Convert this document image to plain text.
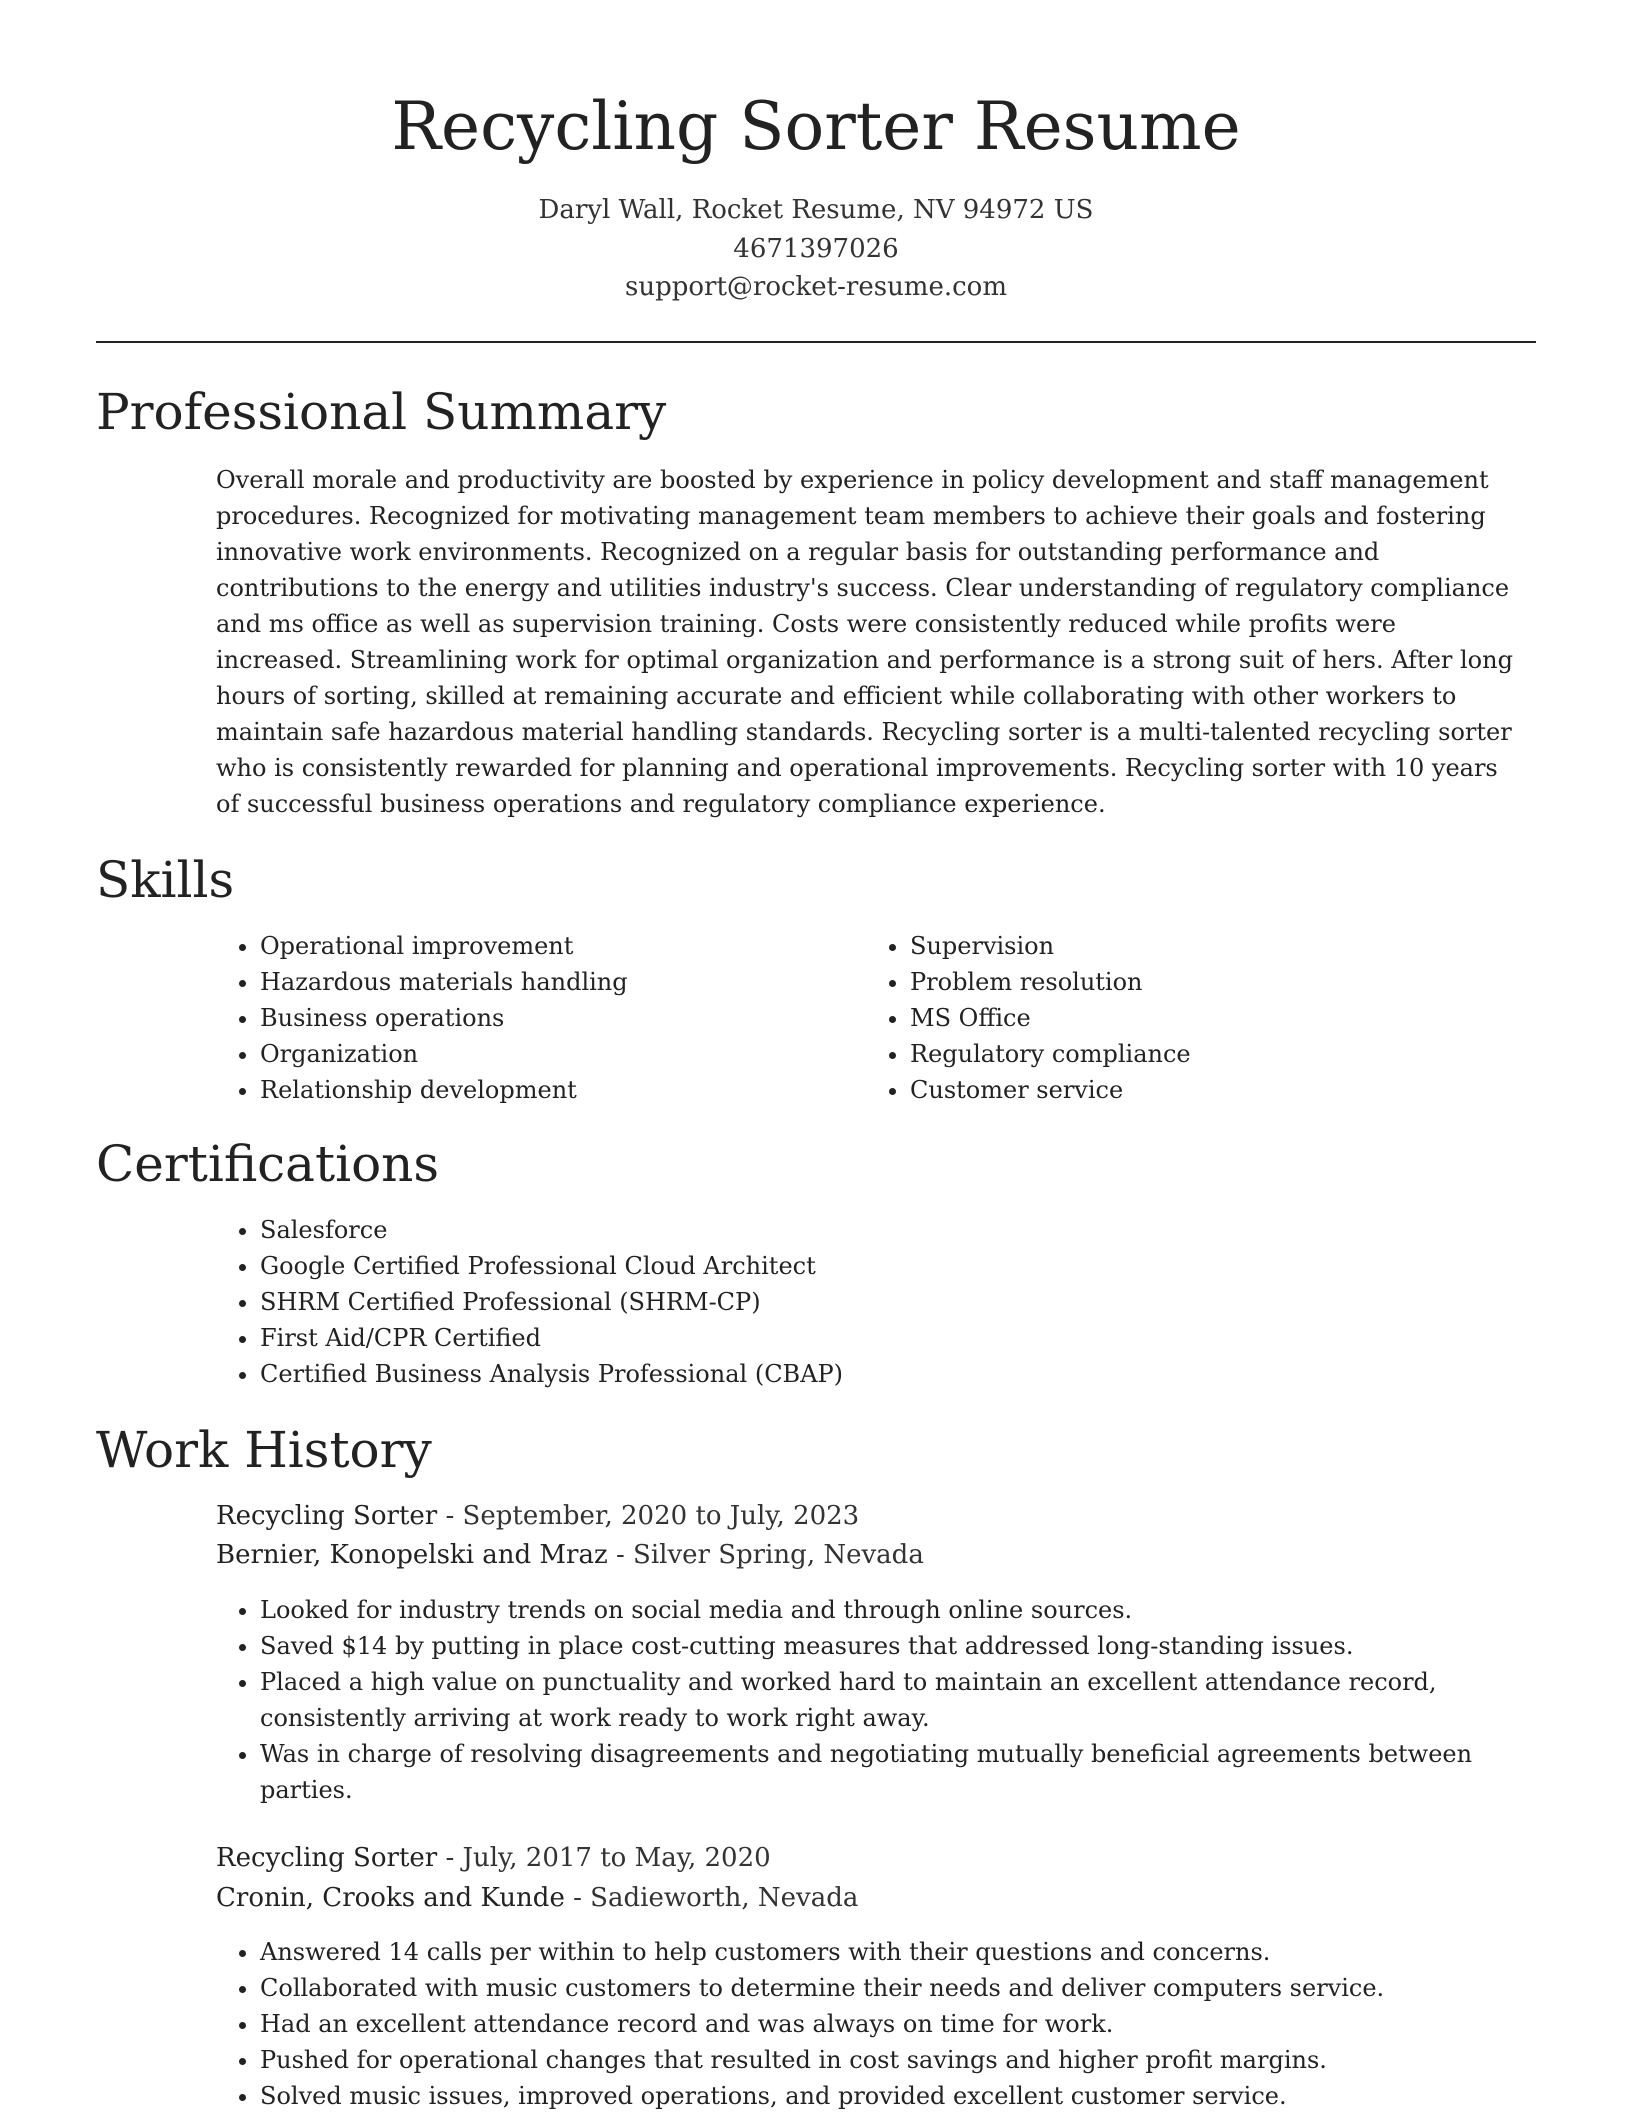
Recycling Sorter Resume
Daryl Wall, Rocket Resume, NV 94972 US
4671397026
support@rocket-resume.com
Professional Summary

Overall morale and productivity are boosted by experience in policy development and staff management procedures. Recognized for motivating management team members to achieve their goals and fostering innovative work environments. Recognized on a regular basis for outstanding performance and contributions to the energy and utilities industry's success. Clear understanding of regulatory compliance and ms office as well as supervision training. Costs were consistently reduced while profits were increased. Streamlining work for optimal organization and performance is a strong suit of hers. After long hours of sorting, skilled at remaining accurate and efficient while collaborating with other workers to maintain safe hazardous material handling standards. Recycling sorter is a multi-talented recycling sorter who is consistently rewarded for planning and operational improvements. Recycling sorter with 10 years of successful business operations and regulatory compliance experience.

Skills
• Operational improvement
• Hazardous materials handling
• Business operations
• Organization
• Relationship development
• Supervision
• Problem resolution
• MS Office
• Regulatory compliance
• Customer service
Certifications
• Salesforce
• Google Certified Professional Cloud Architect
• SHRM Certified Professional (SHRM-CP)
• First Aid/CPR Certified
• Certified Business Analysis Professional (CBAP)
Work History
Recycling Sorter - September, 2020 to July, 2023
Bernier, Konopelski and Mraz - Silver Spring, Nevada
• Looked for industry trends on social media and through online sources.
• Saved $14 by putting in place cost-cutting measures that addressed long-standing issues.
• Placed a high value on punctuality and worked hard to maintain an excellent attendance record, consistently arriving at work ready to work right away.
• Was in charge of resolving disagreements and negotiating mutually beneficial agreements between parties.
Recycling Sorter - July, 2017 to May, 2020
Cronin, Crooks and Kunde - Sadieworth, Nevada
• Answered 14 calls per within to help customers with their questions and concerns.
• Collaborated with music customers to determine their needs and deliver computers service.
• Had an excellent attendance record and was always on time for work.
• Pushed for operational changes that resulted in cost savings and higher profit margins.
• Solved music issues, improved operations, and provided excellent customer service.
